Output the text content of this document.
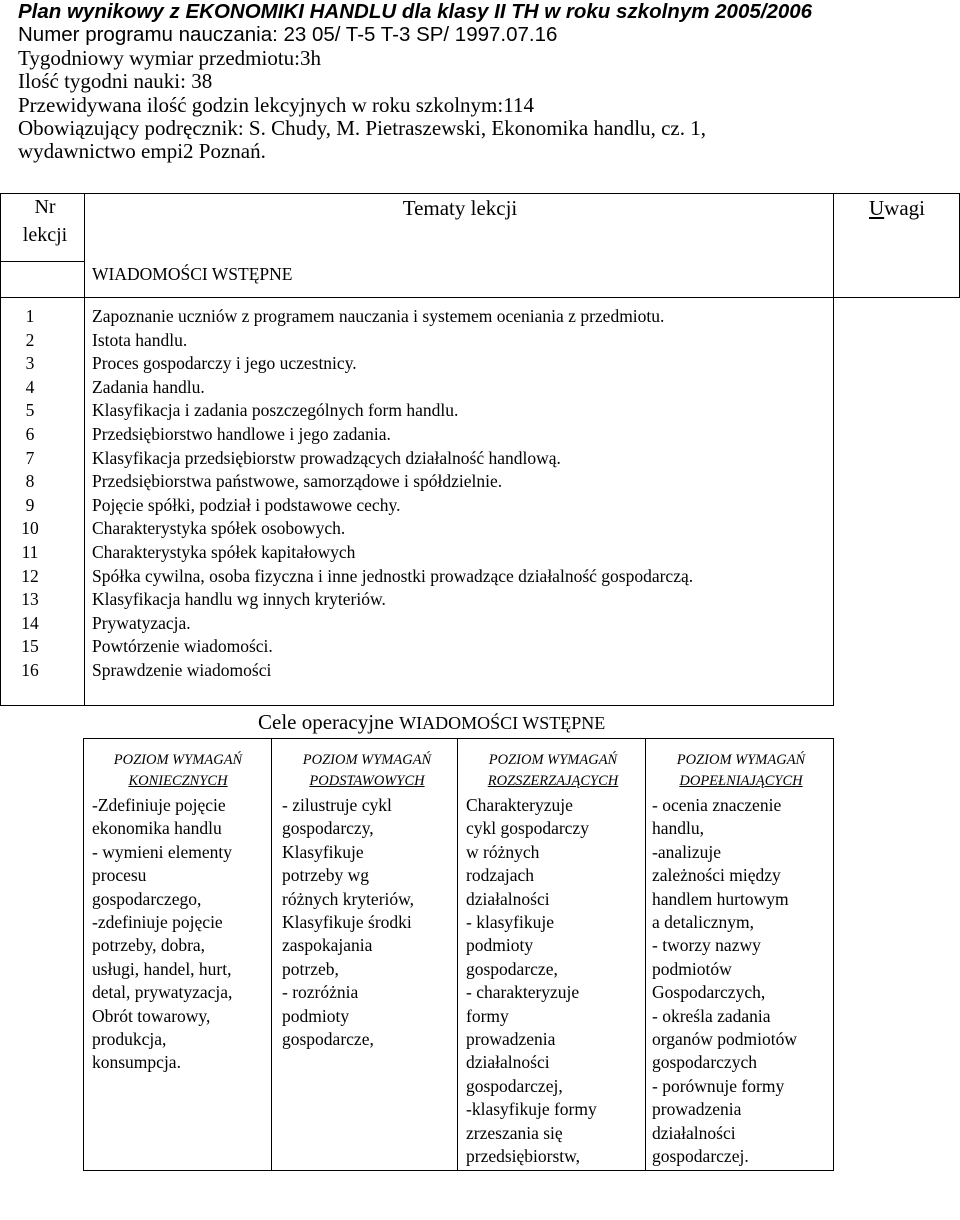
Plan wynikowy z EKONOMIKI HANDLU dla klasy II TH w roku szkolnym 2005/2006
Numer programu nauczania: 23 05/ T-5 T-3 SP/ 1997.07.16
Tygodniowy wymiar przedmiotu:3h
Ilość tygodni nauki: 38
Przewidywana ilość godzin lekcyjnych w roku szkolnym:114
Obowiązujący podręcznik: S. Chudy, M. Pietraszewski, Ekonomika handlu, cz. 1,
wydawnictwo empi2 Poznań.
Nr
lekcji
Tematy lekcji	Uwagi
WIADOMOŚCI WSTĘPNE
1
2
3
4
5
6
7
8
9
10
11
12
13
14
15
16
Zapoznanie uczniów z programem nauczania i systemem oceniania z przedmiotu.
Istota handlu.
Proces gospodarczy i jego uczestnicy.
Zadania handlu.
Klasyfikacja i zadania poszczególnych form handlu.
Przedsiębiorstwo handlowe i jego zadania.
Klasyfikacja przedsiębiorstw prowadzących działalność handlową.
Przedsiębiorstwa państwowe, samorządowe i spółdzielnie.
Pojęcie spółki, podział i podstawowe cechy.
Charakterystyka spółek osobowych.
Charakterystyka spółek kapitałowych
Spółka cywilna, osoba fizyczna i inne jednostki prowadzące działalność gospodarczą.
Klasyfikacja handlu wg innych kryteriów.
Prywatyzacja.
Powtórzenie wiadomości.
Sprawdzenie wiadomości
Cele operacyjne WIADOMOŚCI WSTĘPNE
POZIOM WYMAGAŃ
KONIECZNYCH
-Zdefiniuje pojęcie
ekonomika handlu
- wymieni elementy
procesu
gospodarczego,
-zdefiniuje pojęcie
potrzeby, dobra,
usługi, handel, hurt,
detal, prywatyzacja,
Obrót towarowy,
produkcja,
konsumpcja.
POZIOM WYMAGAŃ
PODSTAWOWYCH
- zilustruje cykl
gospodarczy,
Klasyfikuje
potrzeby wg
różnych kryteriów,
Klasyfikuje środki
zaspokajania
potrzeb,
- rozróżnia
podmioty
gospodarcze,
POZIOM WYMAGAŃ
ROZSZERZAJĄCYCH
Charakteryzuje
cykl gospodarczy
w różnych
rodzajach
działalności
- klasyfikuje
podmioty
gospodarcze,
- charakteryzuje
formy
prowadzenia
działalności
gospodarczej,
-klasyfikuje formy
zrzeszania się
przedsiębiorstw,
POZIOM WYMAGAŃ
DOPEŁNIAJĄCYCH
- ocenia znaczenie
handlu,
-analizuje
zależności między
handlem hurtowym
a detalicznym,
- tworzy nazwy
podmiotów
Gospodarczych,
- określa zadania
organów podmiotów
gospodarczych
- porównuje formy
prowadzenia
działalności
gospodarczej.
